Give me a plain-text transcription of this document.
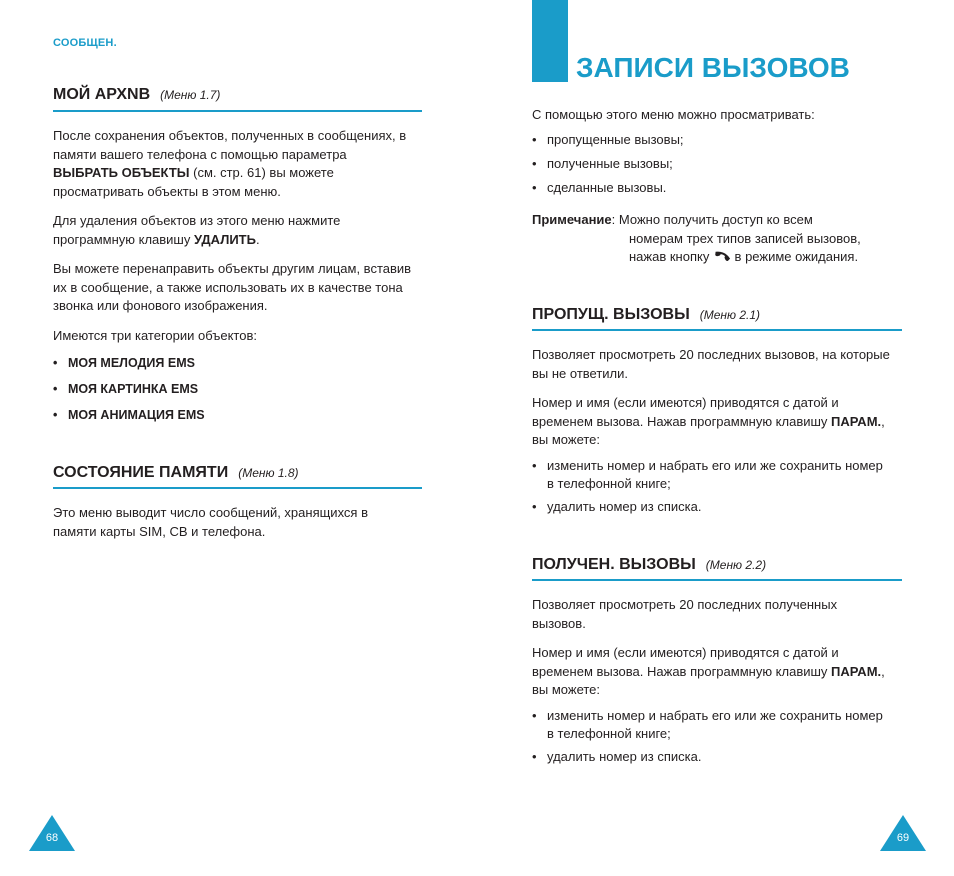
СООБЩЕН.
МОЙ АРХNВ (Меню 1.7)

После сохранения объектов, полученных в сообщениях, в памяти вашего телефона с помощью параметра ВЫБРАТЬ ОБЪЕКТЫ (см. стр. 61) вы можете просматривать объекты в этом меню.

Для удаления объектов из этого меню нажмите программную клавишу УДАЛИТЬ.

Вы можете перенаправить объекты другим лицам, вставив их в сообщение, а также использовать их в качестве тона звонка или фонового изображения.

Имеются три категории объектов:

• МОЯ МЕЛОДИЯ EMS
• МОЯ КАРТИНКА EMS
• МОЯ АНИМАЦИЯ EMS
СОСТОЯНИЕ ПАМЯТИ (Меню 1.8)

Это меню выводит число сообщений, хранящихся в памяти карты SIM, CB и телефона.

68
ЗАПИСИ ВЫЗОВОВ

С помощью этого меню можно просматривать:

• пропущенные вызовы;
• полученные вызовы;
• сделанные вызовы.

Примечание: Можно получить доступ ко всем

номерам трех типов записей вызовов,

нажав кнопку  в режиме ожидания.

ПРОПУЩ. ВЫЗОВЫ (Меню 2.1)

Позволяет просмотреть 20 последних вызовов, на которые вы не ответили.

Номер и имя (если имеются) приводятся с датой и временем вызова. Нажав программную клавишу ПАРАМ., вы можете:

• изменить номер и набрать его или же сохранить номер в телефонной книге;
• удалить номер из списка.
ПОЛУЧЕН. ВЫЗОВЫ (Меню 2.2)

Позволяет просмотреть 20 последних полученных вызовов.

Номер и имя (если имеются) приводятся с датой и временем вызова. Нажав программную клавишу ПАРАМ., вы можете:

• изменить номер и набрать его или же сохранить номер в телефонной книге;
• удалить номер из списка.
69
